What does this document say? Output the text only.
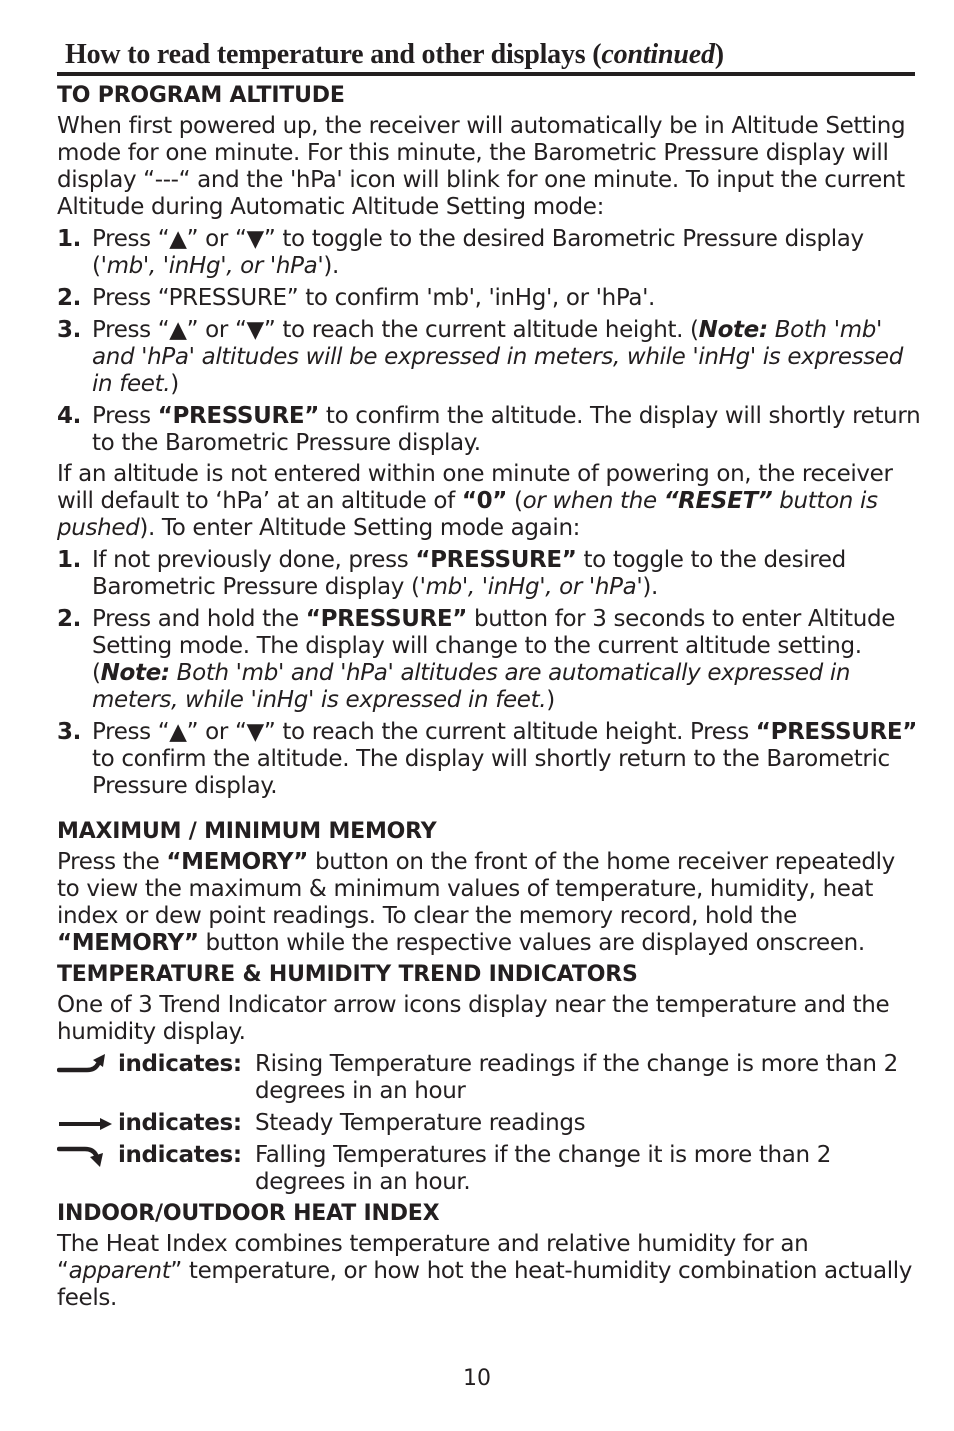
How to read temperature and other displays (continued)
TO PROGRAM ALTITUDE
When first powered up, the receiver will automatically be in Altitude Setting mode for one minute. For this minute, the Barometric Pressure display will display “---“ and the 'hPa' icon will blink for one minute. To input the current Altitude during Automatic Altitude Setting mode:
1. Press “▲” or “▼” to toggle to the desired Barometric Pressure display ('mb', 'inHg', or 'hPa').
2. Press “PRESSURE” to confirm 'mb', 'inHg', or 'hPa'.
3. Press “▲” or “▼” to reach the current altitude height. (Note: Both 'mb' and 'hPa' altitudes will be expressed in meters, while 'inHg' is expressed in feet.)
4. Press “PRESSURE” to confirm the altitude. The display will shortly return to the Barometric Pressure display.
If an altitude is not entered within one minute of powering on, the receiver will default to ‘hPa’ at an altitude of “0” (or when the “RESET” button is pushed). To enter Altitude Setting mode again:
1. If not previously done, press “PRESSURE” to toggle to the desired Barometric Pressure display ('mb', 'inHg', or 'hPa').
2. Press and hold the “PRESSURE” button for 3 seconds to enter Altitude Setting mode. The display will change to the current altitude setting. (Note: Both 'mb' and 'hPa' altitudes are automatically expressed in meters, while 'inHg' is expressed in feet.)
3. Press “▲” or “▼” to reach the current altitude height. Press “PRESSURE” to confirm the altitude. The display will shortly return to the Barometric Pressure display.
MAXIMUM / MINIMUM MEMORY
Press the “MEMORY” button on the front of the home receiver repeatedly to view the maximum & minimum values of temperature, humidity, heat index or dew point readings. To clear the memory record, hold the “MEMORY” button while the respective values are displayed onscreen.
TEMPERATURE & HUMIDITY TREND INDICATORS
One of 3 Trend Indicator arrow icons display near the temperature and the humidity display.
indicates: Rising Temperature readings if the change is more than 2 degrees in an hour
indicates: Steady Temperature readings
indicates: Falling Temperatures if the change it is more than 2 degrees in an hour.
INDOOR/OUTDOOR HEAT INDEX
The Heat Index combines temperature and relative humidity for an “apparent” temperature, or how hot the heat-humidity combination actually feels.
10
